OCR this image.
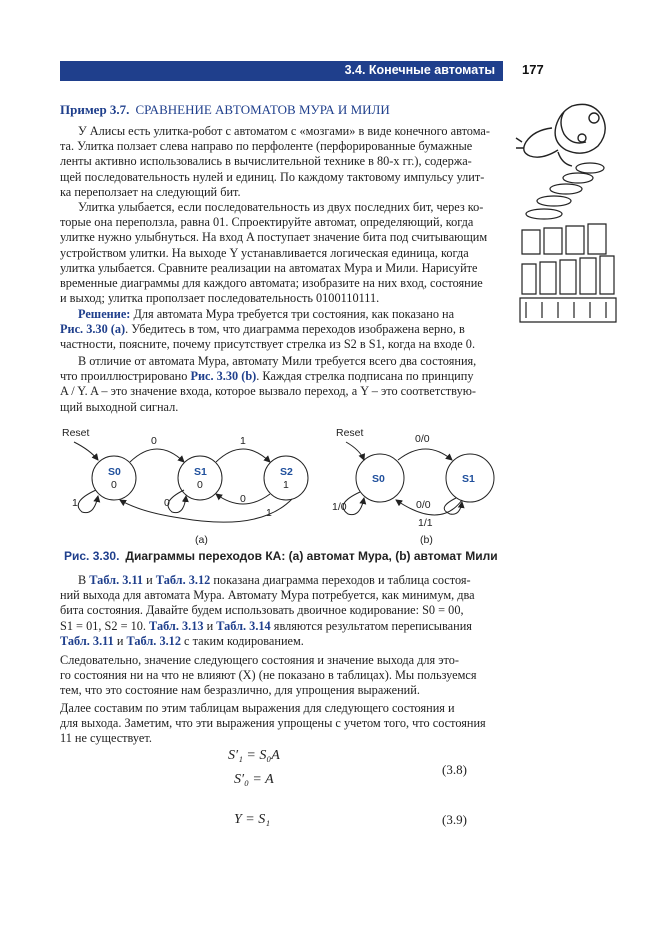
3.4. Конечные автоматы 177
Пример 3.7. СРАВНЕНИЕ АВТОМАТОВ МУРА И МИЛИ
У Алисы есть улитка-робот с автоматом с «мозгами» в виде конечного автома-
та. Улитка ползает слева направо по перфоленте (перфорированные бумажные
ленты активно использовались в вычислительной технике в 80-х гг.), содержа-
щей последовательность нулей и единиц. По каждому тактовому импульсу улит-
ка переползает на следующий бит.
Улитка улыбается, если последовательность из двух последних бит, через ко-
торые она переползла, равна 01. Спроектируйте автомат, определяющий, когда
улитке нужно улыбнуться. На вход A поступает значение бита под считывающим
устройством улитки. На выходе Y устанавливается логическая единица, когда
улитка улыбается. Сравните реализации на автоматах Мура и Мили. Нарисуйте
временные диаграммы для каждого автомата; изобразите на них вход, состояние
и выход; улитка проползает последовательность 0100110111.
Решение: Для автомата Мура требуется три состояния, как показано на
Рис. 3.30 (a). Убедитесь в том, что диаграмма переходов изображена верно, в
частности, поясните, почему присутствует стрелка из S2 в S1, когда на входе 0.
В отличие от автомата Мура, автомату Мили требуется всего два состояния,
что проиллюстрировано Рис. 3.30 (b). Каждая стрелка подписана по принципу
A / Y. A – это значение входа, которое вызвало переход, а Y – это соответствую-
щий выходной сигнал.
Reset
S0
0
S1
0
S2
1
0	1
1	0	0
1
(a)
Reset
S0	S1
0/0
1/0	0/0
1/1
(b)
Рис. 3.30. Диаграммы переходов КА: (a) автомат Мура, (b) автомат Мили
В Табл. 3.11 и Табл. 3.12 показана диаграмма переходов и таблица состоя-
ний выхода для автомата Мура. Автомату Мура потребуется, как минимум, два
бита состояния. Давайте будем использовать двоичное кодирование: S0 = 00,
S1 = 01, S2 = 10. Табл. 3.13 и Табл. 3.14 являются результатом переписывания
Табл. 3.11 и Табл. 3.12 с таким кодированием.
Следовательно, значение следующего состояния и значение выхода для это-
го состояния ни на что не влияют (X) (не показано в таблицах). Мы пользуемся
тем, что это состояние нам безразлично, для упрощения выражений.
Далее составим по этим таблицам выражения для следующего состояния и
для выхода. Заметим, что эти выражения упрощены с учетом того, что состояния
11 не существует.
S′₁ = S₀A
S′₀ = A
(3.8)
Y = S₁	(3.9)
